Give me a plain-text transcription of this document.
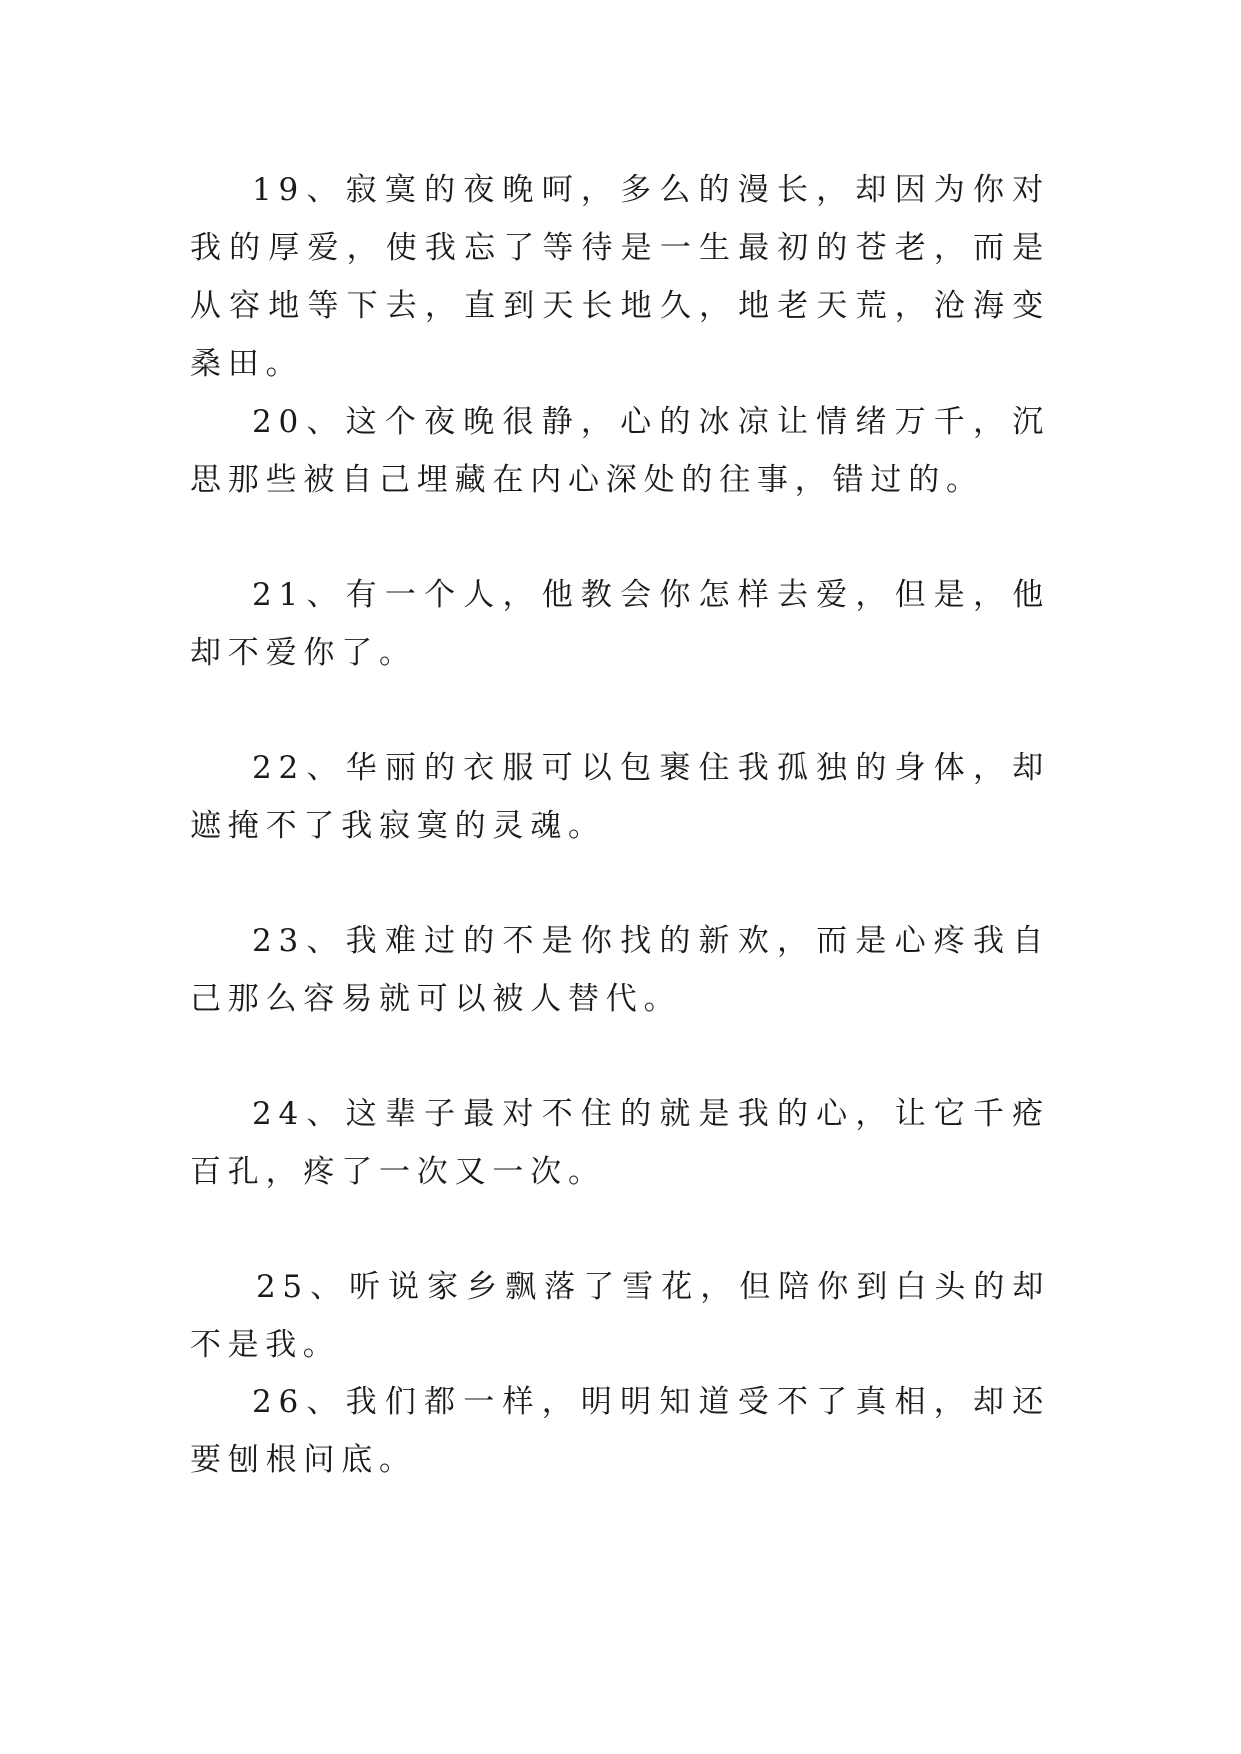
19、寂寞的夜晚呵，多么的漫长，却因为你对我的厚爱，使我忘了等待是一生最初的苍老，而是从容地等下去，直到天长地久，地老天荒，沧海变桑田。

20、这个夜晚很静，心的冰凉让情绪万千，沉思那些被自己埋藏在内心深处的往事，错过的。

21、有一个人，他教会你怎样去爱，但是，他却不爱你了。

22、华丽的衣服可以包裹住我孤独的身体，却遮掩不了我寂寞的灵魂。

23、我难过的不是你找的新欢，而是心疼我自己那么容易就可以被人替代。

24、这辈子最对不住的就是我的心，让它千疮百孔，疼了一次又一次。

25、听说家乡飘落了雪花，但陪你到白头的却不是我。

26、我们都一样，明明知道受不了真相，却还要刨根问底。
